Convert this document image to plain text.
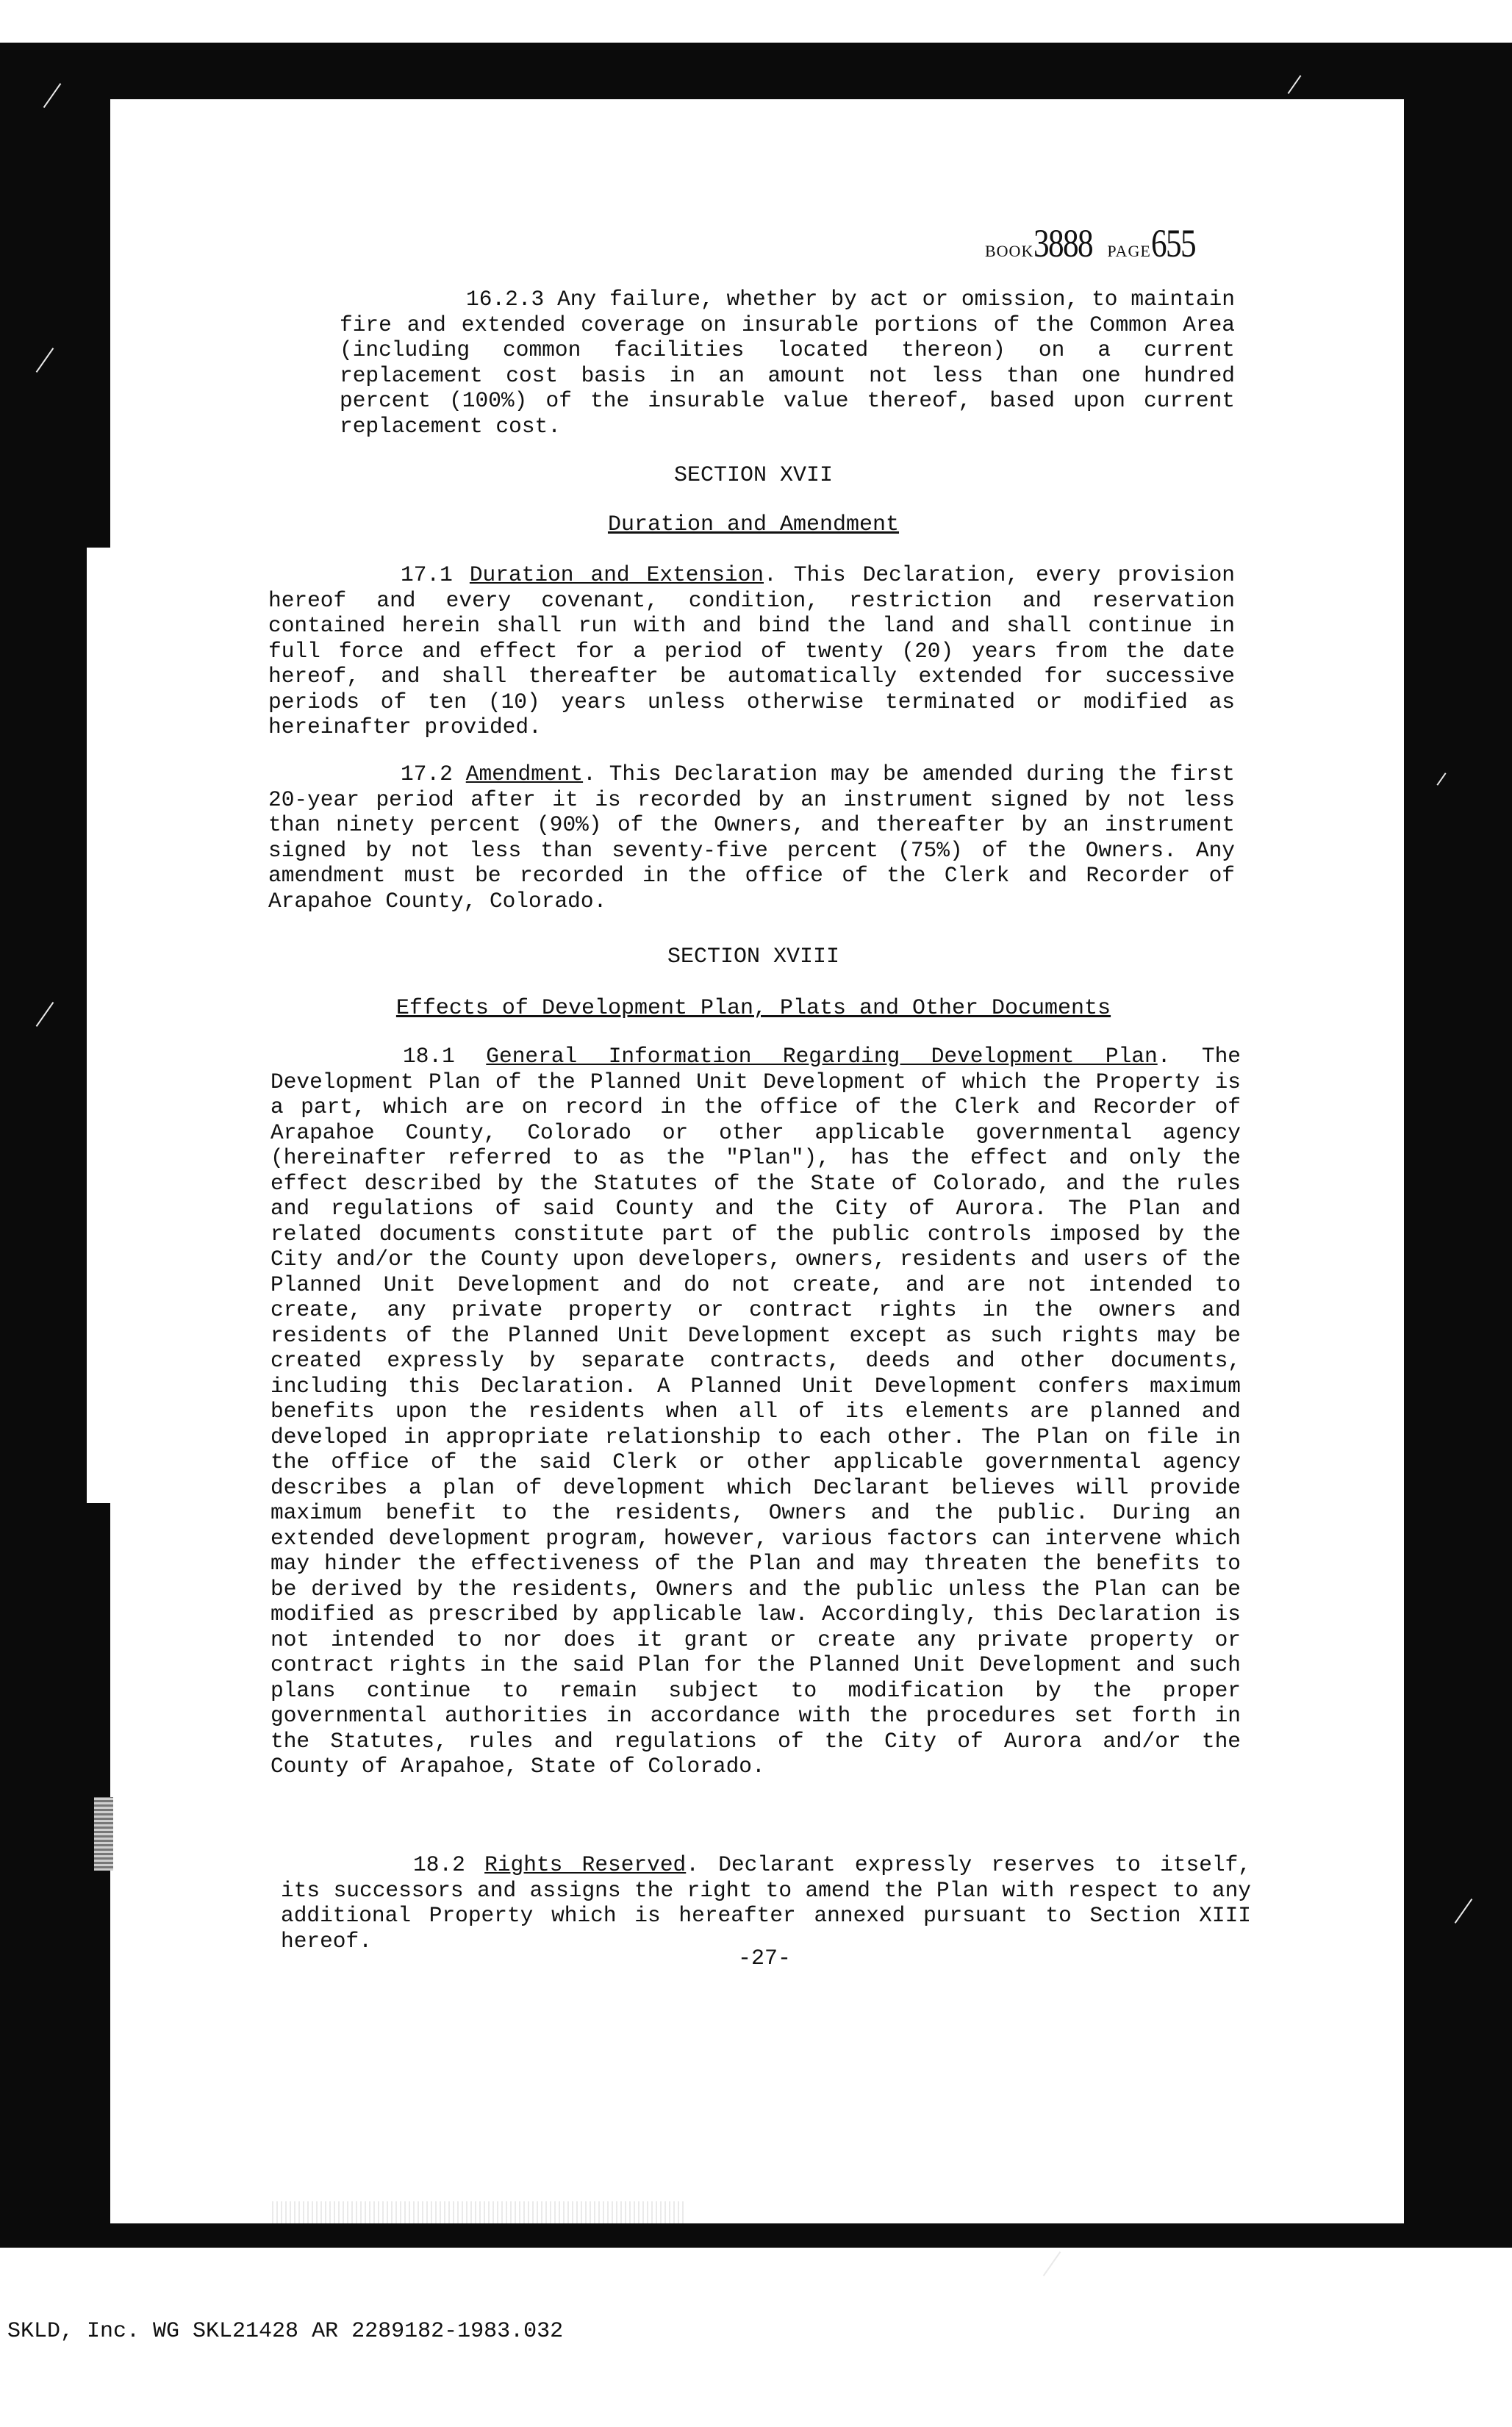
BOOK3888 PAGE655

16.2.3 Any failure, whether by act or omission, to maintain fire and extended coverage on insurable portions of the Common Area (including common facilities located thereon) on a current replacement cost basis in an amount not less than one hundred percent (100%) of the insurable value thereof, based upon current replacement cost.

SECTION XVII
Duration and Amendment

17.1 Duration and Extension. This Declaration, every provision hereof and every covenant, condition, restriction and reservation contained herein shall run with and bind the land and shall continue in full force and effect for a period of twenty (20) years from the date hereof, and shall thereafter be automatically extended for successive periods of ten (10) years unless otherwise terminated or modified as hereinafter provided.

17.2 Amendment. This Declaration may be amended during the first 20-year period after it is recorded by an instrument signed by not less than ninety percent (90%) of the Owners, and thereafter by an instrument signed by not less than seventy-five percent (75%) of the Owners. Any amendment must be recorded in the office of the Clerk and Recorder of Arapahoe County, Colorado.

SECTION XVIII
Effects of Development Plan, Plats and Other Documents

18.1 General Information Regarding Development Plan. The Development Plan of the Planned Unit Development of which the Property is a part, which are on record in the office of the Clerk and Recorder of Arapahoe County, Colorado or other applicable governmental agency (hereinafter referred to as the "Plan"), has the effect and only the effect described by the Statutes of the State of Colorado, and the rules and regulations of said County and the City of Aurora. The Plan and related documents constitute part of the public controls imposed by the City and/or the County upon developers, owners, residents and users of the Planned Unit Development and do not create, and are not intended to create, any private property or contract rights in the owners and residents of the Planned Unit Development except as such rights may be created expressly by separate contracts, deeds and other documents, including this Declaration. A Planned Unit Development confers maximum benefits upon the residents when all of its elements are planned and developed in appropriate relationship to each other. The Plan on file in the office of the said Clerk or other applicable governmental agency describes a plan of development which Declarant believes will provide maximum benefit to the residents, Owners and the public. During an extended development program, however, various factors can intervene which may hinder the effectiveness of the Plan and may threaten the benefits to be derived by the residents, Owners and the public unless the Plan can be modified as prescribed by applicable law. Accordingly, this Declaration is not intended to nor does it grant or create any private property or contract rights in the said Plan for the Planned Unit Development and such plans continue to remain subject to modification by the proper governmental authorities in accordance with the procedures set forth in the Statutes, rules and regulations of the City of Aurora and/or the County of Arapahoe, State of Colorado.

18.2 Rights Reserved. Declarant expressly reserves to itself, its successors and assigns the right to amend the Plan with respect to any additional Property which is hereafter annexed pursuant to Section XIII hereof.

-27-
SKLD, Inc. WG SKL21428 AR 2289182-1983.032
